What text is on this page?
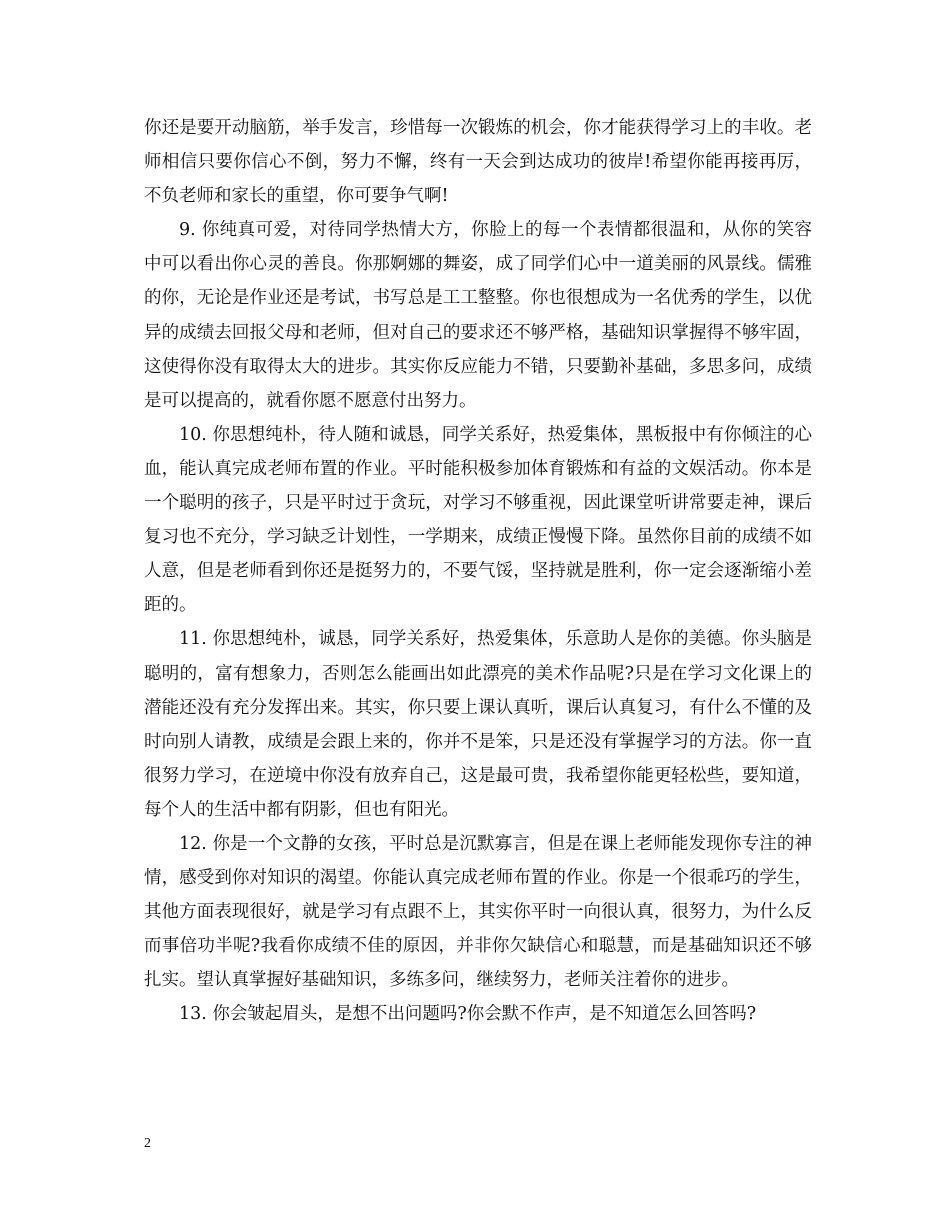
你还是要开动脑筋，举手发言，珍惜每一次锻炼的机会，你才能获得学习上的丰收。老师相信只要你信心不倒，努力不懈，终有一天会到达成功的彼岸!希望你能再接再厉，不负老师和家长的重望，你可要争气啊!

9. 你纯真可爱，对待同学热情大方，你脸上的每一个表情都很温和，从你的笑容中可以看出你心灵的善良。你那婀娜的舞姿，成了同学们心中一道美丽的风景线。儒雅的你，无论是作业还是考试，书写总是工工整整。你也很想成为一名优秀的学生，以优异的成绩去回报父母和老师，但对自己的要求还不够严格，基础知识掌握得不够牢固，这使得你没有取得太大的进步。其实你反应能力不错，只要勤补基础，多思多问，成绩是可以提高的，就看你愿不愿意付出努力。

10. 你思想纯朴，待人随和诚恳，同学关系好，热爱集体，黑板报中有你倾注的心血，能认真完成老师布置的作业。平时能积极参加体育锻炼和有益的文娱活动。你本是一个聪明的孩子，只是平时过于贪玩，对学习不够重视，因此课堂听讲常要走神，课后复习也不充分，学习缺乏计划性，一学期来，成绩正慢慢下降。虽然你目前的成绩不如人意，但是老师看到你还是挺努力的，不要气馁，坚持就是胜利，你一定会逐渐缩小差距的。

11. 你思想纯朴，诚恳，同学关系好，热爱集体，乐意助人是你的美德。你头脑是聪明的，富有想象力，否则怎么能画出如此漂亮的美术作品呢?只是在学习文化课上的潜能还没有充分发挥出来。其实，你只要上课认真听，课后认真复习，有什么不懂的及时向别人请教，成绩是会跟上来的，你并不是笨，只是还没有掌握学习的方法。你一直很努力学习，在逆境中你没有放弃自己，这是最可贵，我希望你能更轻松些，要知道，每个人的生活中都有阴影，但也有阳光。

12. 你是一个文静的女孩，平时总是沉默寡言，但是在课上老师能发现你专注的神情，感受到你对知识的渴望。你能认真完成老师布置的作业。你是一个很乖巧的学生，其他方面表现很好，就是学习有点跟不上，其实你平时一向很认真，很努力，为什么反而事倍功半呢?我看你成绩不佳的原因，并非你欠缺信心和聪慧，而是基础知识还不够扎实。望认真掌握好基础知识，多练多问，继续努力，老师关注着你的进步。

13. 你会皱起眉头，是想不出问题吗?你会默不作声，是不知道怎么回答吗?

2
